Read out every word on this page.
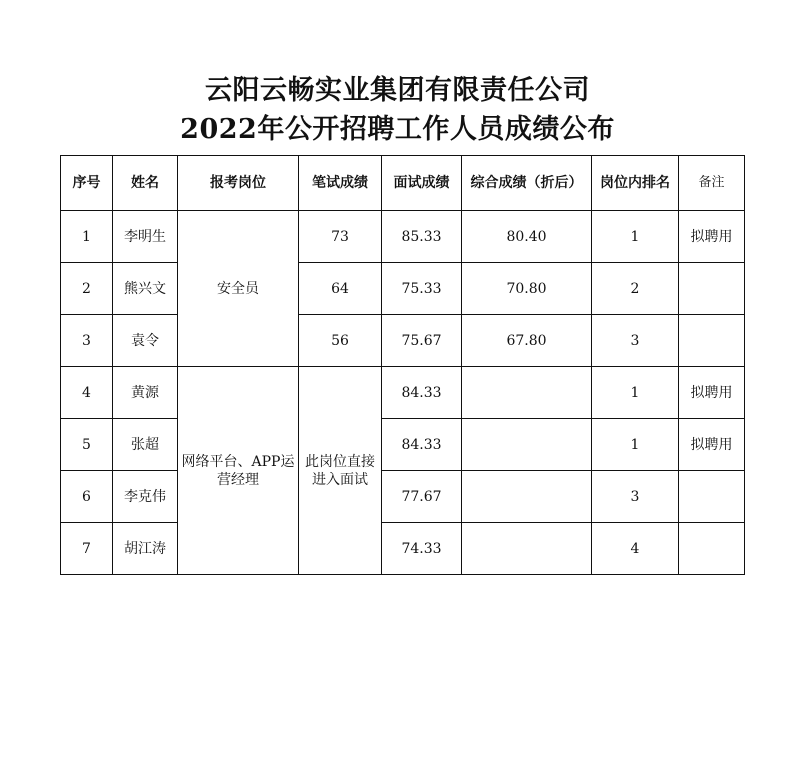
云阳云畅实业集团有限责任公司
2022年公开招聘工作人员成绩公布
序号	姓名	报考岗位	笔试成绩	面试成绩	综合成绩（折后）	岗位内排名	备注
1	李明生	安全员	73	85.33	80.40	1	拟聘用
2	熊兴文		64	75.33	70.80	2	
3	袁令		56	75.67	67.80	3	
4	黄源	网络平台、APP运营经理	此岗位直接进入面试	84.33		1	拟聘用
5	张超			84.33		1	拟聘用
6	李克伟			77.67		3	
7	胡江涛			74.33		4	
